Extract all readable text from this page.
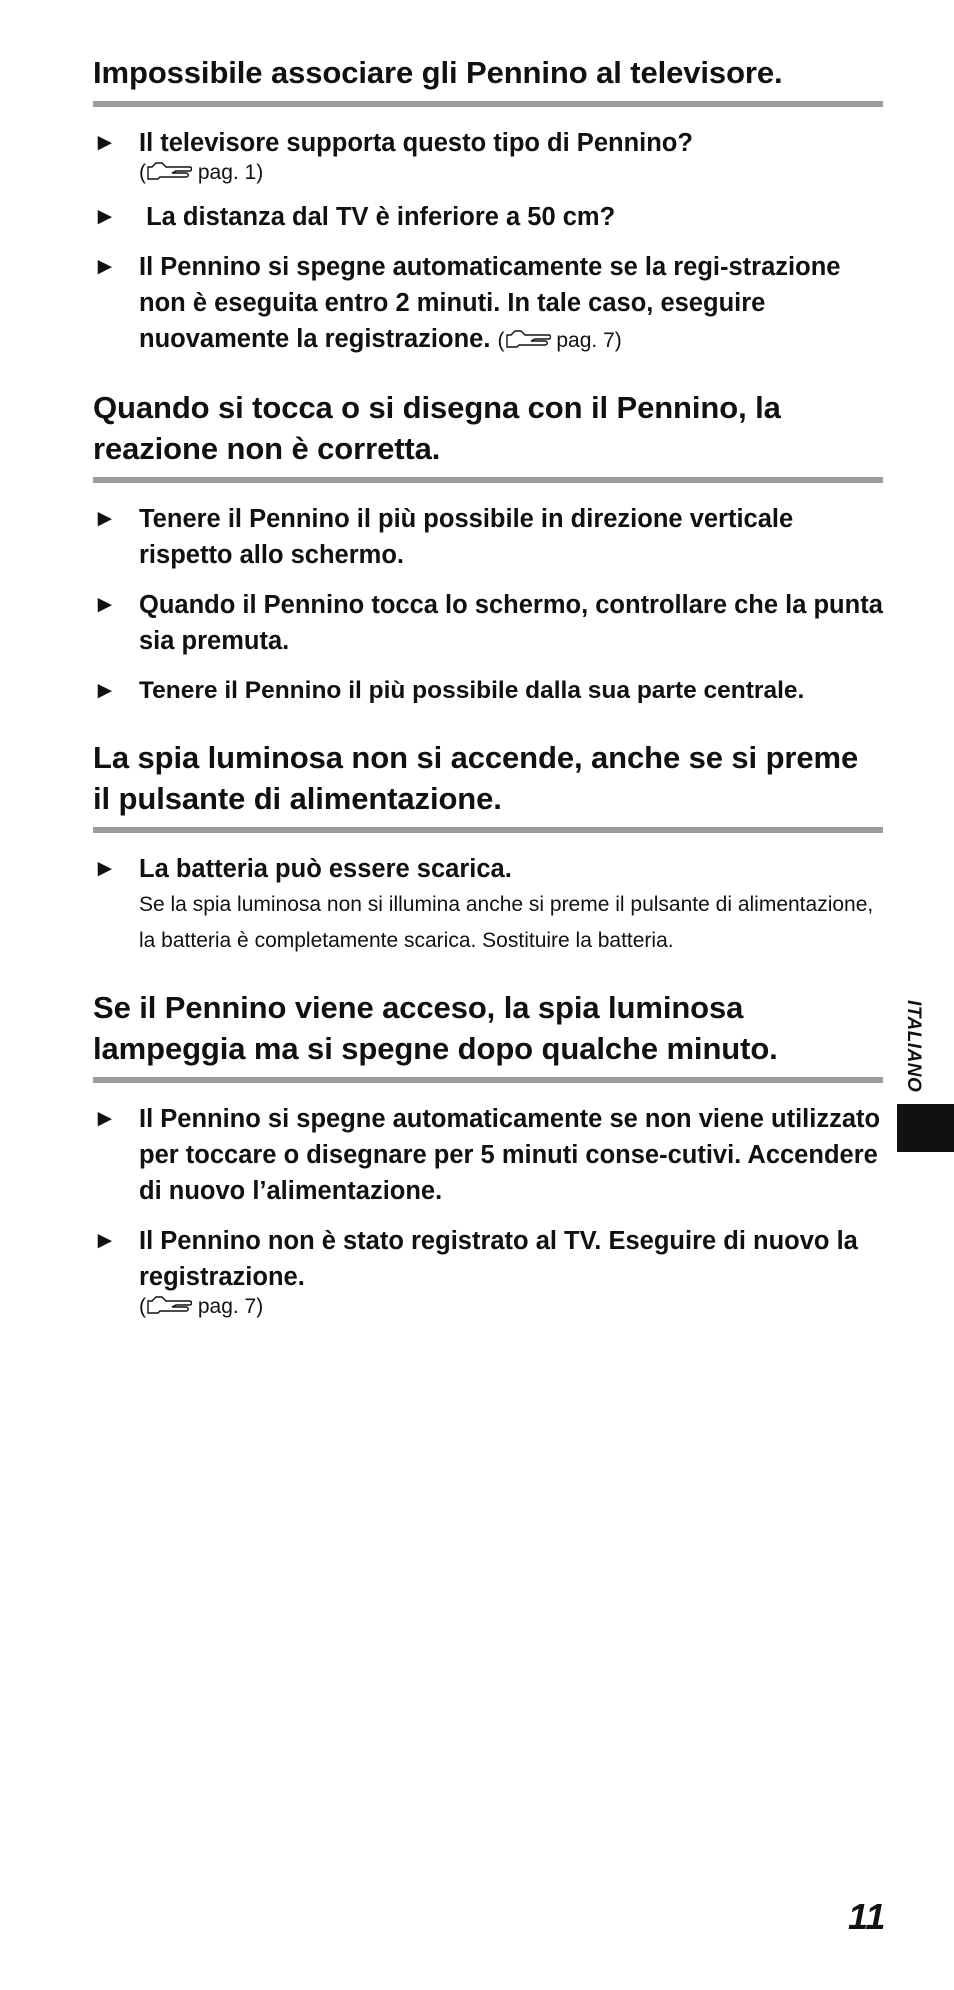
Impossibile associare gli Pennino al televisore.
► Il televisore supporta questo tipo di Pennino?
( pag. 1)
► La distanza dal TV è inferiore a 50 cm?
► Il Pennino si spegne automaticamente se la regi-strazione non è eseguita entro 2 minuti. In tale caso, eseguire nuovamente la registrazione. ( pag. 7)
Quando si tocca o si disegna con il Pennino, la reazione non è corretta.
► Tenere il Pennino il più possibile in direzione verticale rispetto allo schermo.
► Quando il Pennino tocca lo schermo, controllare che la punta sia premuta.
► Tenere il Pennino il più possibile dalla sua parte centrale.
La spia luminosa non si accende, anche se si preme il pulsante di alimentazione.
► La batteria può essere scarica.
Se la spia luminosa non si illumina anche si preme il pulsante di alimentazione, la batteria è completamente scarica. Sostituire la batteria.
Se il Pennino viene acceso, la spia luminosa lampeggia ma si spegne dopo qualche minuto.
► Il Pennino si spegne automaticamente se non viene utilizzato per toccare o disegnare per 5 minuti conse-cutivi. Accendere di nuovo l’alimentazione.
► Il Pennino non è stato registrato al TV. Eseguire di nuovo la registrazione.
( pag. 7)
ITALIANO
11
